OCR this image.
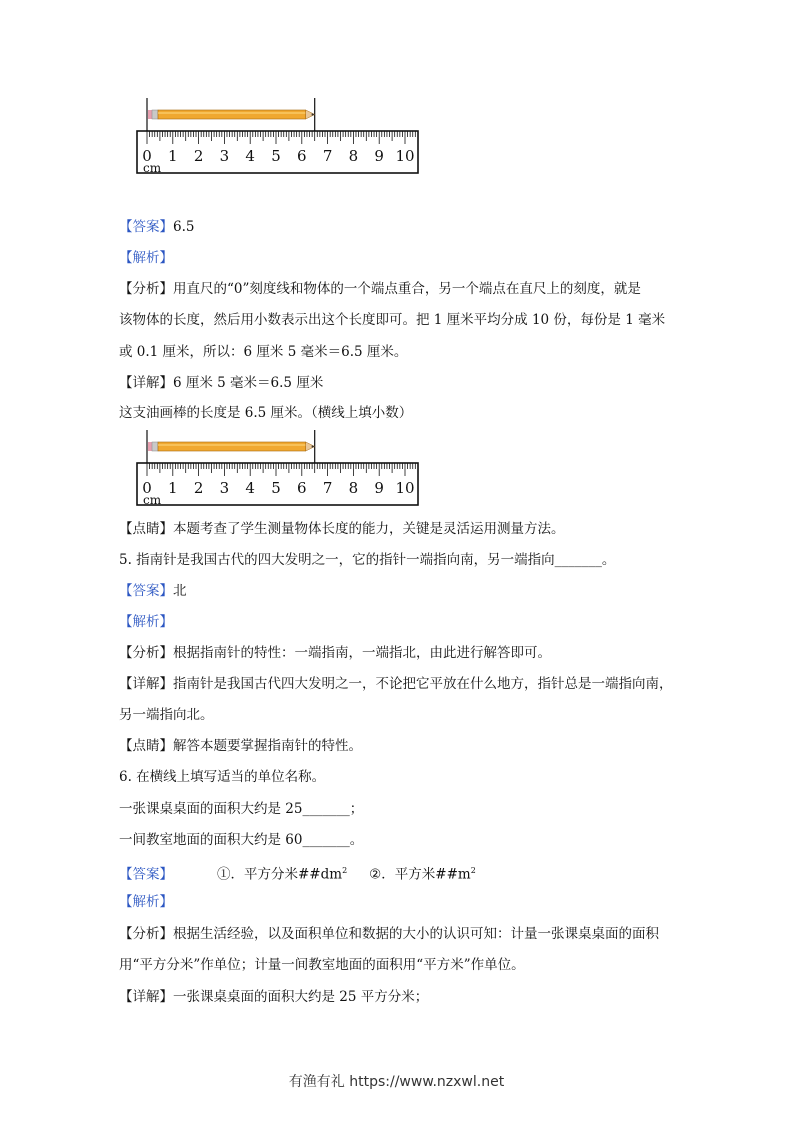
0 1 2 3 4 5 6 7 8 9 10
cm
【答案】6.5
【解析】
【分析】用直尺的“0”刻度线和物体的一个端点重合，另一个端点在直尺上的刻度，就是
该物体的长度，然后用小数表示出这个长度即可。把 1 厘米平均分成 10 份，每份是 1 毫米
或 0.1 厘米，所以：6 厘米 5 毫米＝6.5 厘米。
【详解】6 厘米 5 毫米＝6.5 厘米
这支油画棒的长度是 6.5 厘米。（横线上填小数）
0 1 2 3 4 5 6 7 8 9 10
cm
【点睛】本题考查了学生测量物体长度的能力，关键是灵活运用测量方法。
5. 指南针是我国古代的四大发明之一，它的指针一端指向南，另一端指向_______。
【答案】北
【解析】
【分析】根据指南针的特性：一端指南，一端指北，由此进行解答即可。
【详解】指南针是我国古代四大发明之一，不论把它平放在什么地方，指针总是一端指向南，
另一端指向北。
【点睛】解答本题要掌握指南针的特性。
6. 在横线上填写适当的单位名称。
一张课桌桌面的面积大约是 25_______；
一间教室地面的面积大约是 60_______。
【答案】	①．平方分米$\#\#dm^2$ ②．平方米$\#\#m^2$
【解析】
【分析】根据生活经验，以及面积单位和数据的大小的认识可知：计量一张课桌桌面的面积
用“平方分米”作单位；计量一间教室地面的面积用“平方米”作单位。
【详解】一张课桌桌面的面积大约是 25 平方分米；
有渔有礼 https://www.nzxwl.net
